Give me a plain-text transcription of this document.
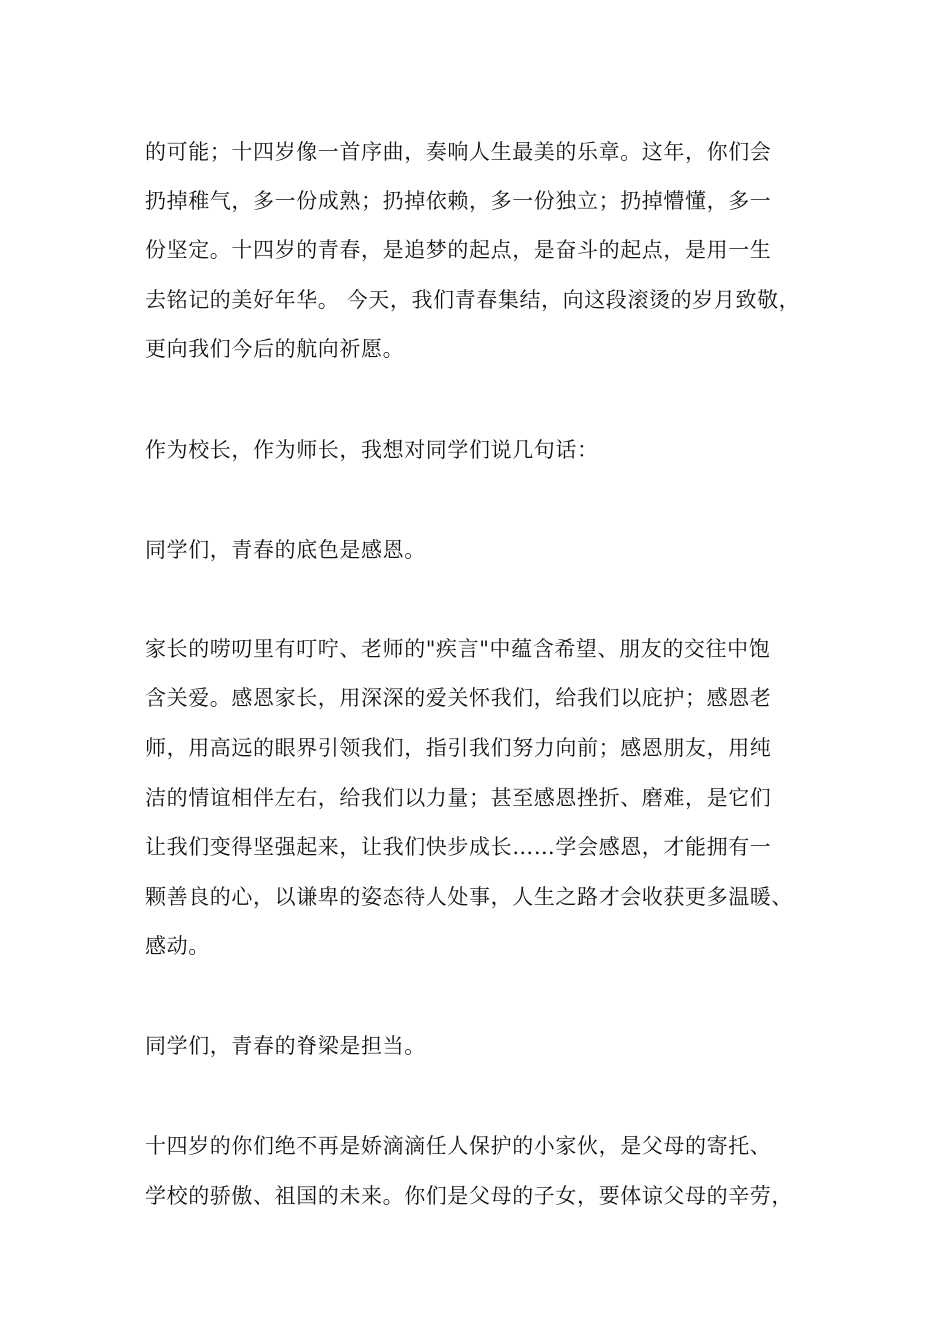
的可能；十四岁像一首序曲，奏响人生最美的乐章。这年，你们会
扔掉稚气，多一份成熟；扔掉依赖，多一份独立；扔掉懵懂，多一
份坚定。十四岁的青春，是追梦的起点，是奋斗的起点，是用一生
去铭记的美好年华。 今天，我们青春集结，向这段滚烫的岁月致敬，
更向我们今后的航向祈愿。
作为校长，作为师长，我想对同学们说几句话：
同学们，青春的底色是感恩。
家长的唠叨里有叮咛、老师的"疾言"中蕴含希望、朋友的交往中饱
含关爱。感恩家长，用深深的爱关怀我们，给我们以庇护；感恩老
师，用高远的眼界引领我们，指引我们努力向前；感恩朋友，用纯
洁的情谊相伴左右，给我们以力量；甚至感恩挫折、磨难，是它们
让我们变得坚强起来，让我们快步成长……学会感恩，才能拥有一
颗善良的心，以谦卑的姿态待人处事，人生之路才会收获更多温暖、
感动。
同学们，青春的脊梁是担当。
十四岁的你们绝不再是娇滴滴任人保护的小家伙，是父母的寄托、
学校的骄傲、祖国的未来。你们是父母的子女，要体谅父母的辛劳，
